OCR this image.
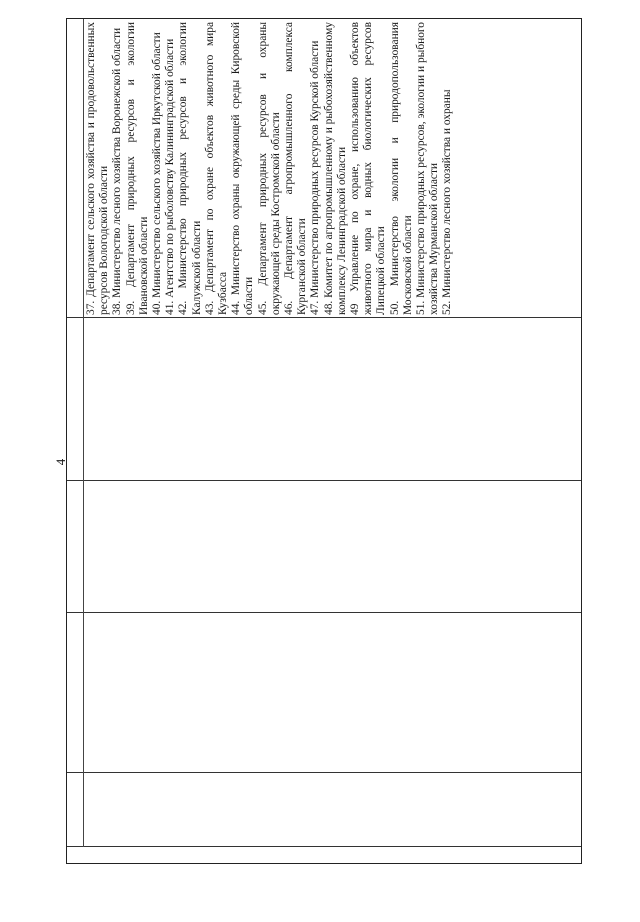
4
37. Департамент сельского хозяйства и продовольственных ресурсов Вологодской области 38. Министерство лесного хозяйства Воронежской области 39. Департамент природных ресурсов и экологии Ивановской области 40. Министерство сельского хозяйства Иркутской области 41. Агентство по рыболовству Калининградской области 42. Министерство природных ресурсов и экологии Калужской области 43. Департамент по охране объектов животного мира Кузбасса 44. Министерство охраны окружающей среды Кировской области 45. Департамент природных ресурсов и охраны окружающей среды Костромской области 46. Департамент агропромышленного комплекса Курганской области 47. Министерство природных ресурсов Курской области 48. Комитет по агропромышленному и рыбохозяйственному комплексу Ленинградской области 49 Управление по охране, использованию объектов животного мира и водных биологических ресурсов Липецкой области 50. Министерство экологии и природопользования Московской области 51. Министерство природных ресурсов, экологии и рыбного хозяйства Мурманской области 52. Министерство лесного хозяйства и охраны
